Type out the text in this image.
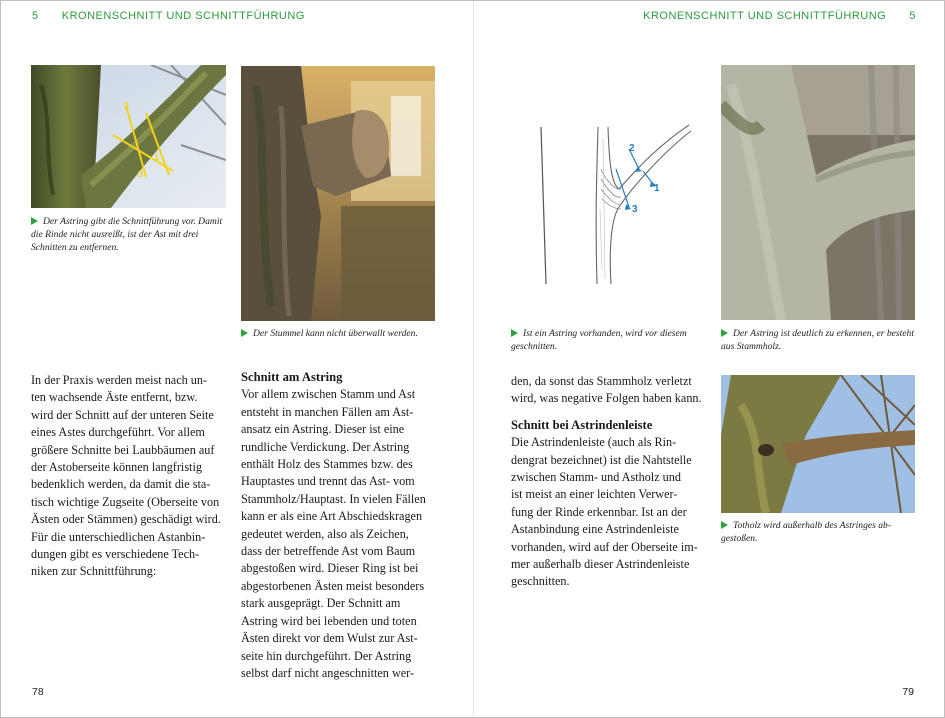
5 KRONENSCHNITT UND SCHNITTFÜHRUNG	KRONENSCHNITT UND SCHNITTFÜHRUNG 5
2
1
3
Der Astring gibt die Schnittführung vor. Damit die Rinde nicht ausreißt, ist der Ast mit drei Schnitten zu entfernen.
Der Stummel kann nicht überwallt werden.

In der Praxis werden meist nach un-
ten wachsende Äste entfernt, bzw.
wird der Schnitt auf der unteren Seite
eines Astes durchgeführt. Vor allem
größere Schnitte bei Laubbäumen auf
der Astoberseite können langfristig
bedenklich werden, da damit die sta-
tisch wichtige Zugseite (Oberseite von
Ästen oder Stämmen) geschädigt wird.
Für die unterschiedlichen Astanbin-
dungen gibt es verschiedene Tech-
niken zur Schnittführung:

Schnitt am Astring

Vor allem zwischen Stamm und Ast
entsteht in manchen Fällen am Ast-
ansatz ein Astring. Dieser ist eine
rundliche Verdickung. Der Astring
enthält Holz des Stammes bzw. des
Hauptastes und trennt das Ast- vom
Stammholz/Hauptast. In vielen Fällen
kann er als eine Art Abschiedskragen
gedeutet werden, also als Zeichen,
dass der betreffende Ast vom Baum
abgestoßen wird. Dieser Ring ist bei
abgestorbenen Ästen meist besonders
stark ausgeprägt. Der Schnitt am
Astring wird bei lebenden und toten
Ästen direkt vor dem Wulst zur Ast-
seite hin durchgeführt. Der Astring
selbst darf nicht angeschnitten wer-

2
1
3
Ist ein Astring vorhanden, wird vor diesem geschnitten.
Der Astring ist deutlich zu erkennen, er besteht aus Stammholz.
Totholz wird außerhalb des Astringes ab-gestoßen.

den, da sonst das Stammholz verletzt
wird, was negative Folgen haben kann.

Schnitt bei Astrindenleiste

Die Astrindenleiste (auch als Rin-
dengrat bezeichnet) ist die Nahtstelle
zwischen Stamm- und Astholz und
ist meist an einer leichten Verwer-
fung der Rinde erkennbar. Ist an der
Astanbindung eine Astrindenleiste
vorhanden, wird auf der Oberseite im-
mer außerhalb dieser Astrindenleiste
geschnitten.

78	79
